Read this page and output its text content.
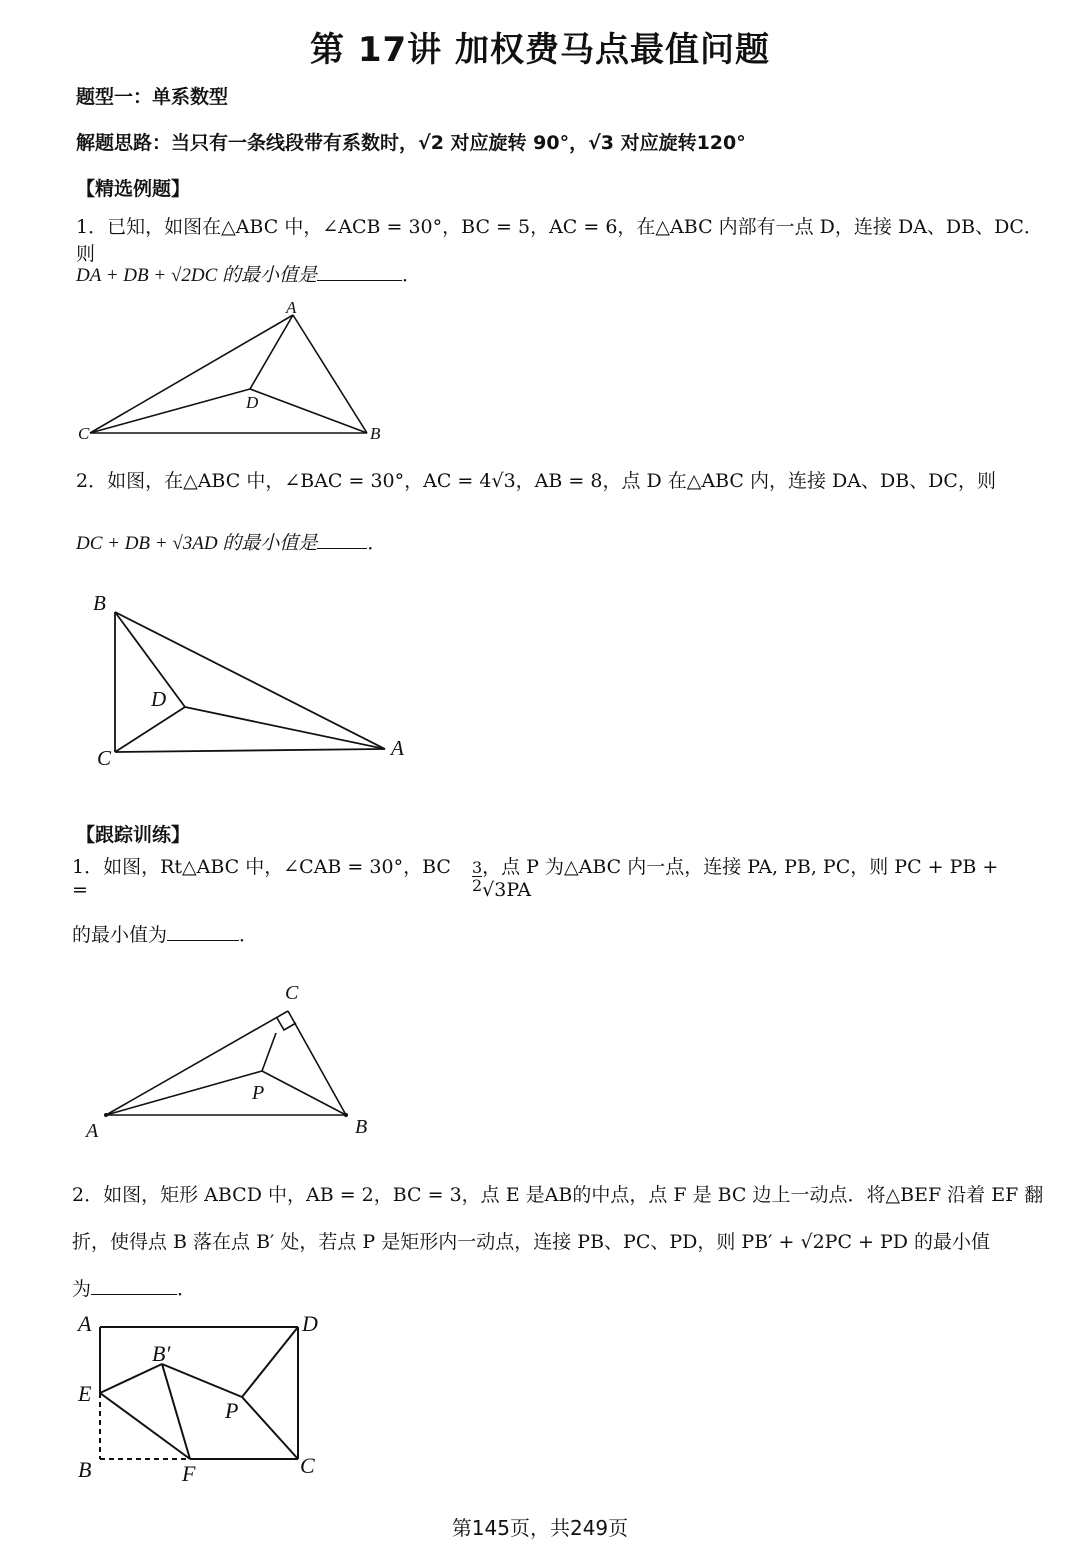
第 17讲 加权费马点最值问题
题型一：单系数型
解题思路：当只有一条线段带有系数时，√2 对应旋转 90°，√3 对应旋转120°
【精选例题】
1．已知，如图在△ABC 中，∠ACB = 30°，BC = 5，AC = 6，在△ABC 内部有一点 D，连接 DA、DB、DC．则
DA + DB + √2DC 的最小值是	．
A
C	B
D
2．如图，在△ABC 中，∠BAC = 30°，AC = 4√3，AB = 8，点 D 在△ABC 内，连接 DA、DB、DC，则
DC + DB + √3AD 的最小值是	．
B
C	A
D
【跟踪训练】
1．如图，Rt△ABC 中，∠CAB = 30°，BC =	$\frac{3}{2}$ ，点 P 为△ABC 内一点，连接 PA, PB, PC，则 PC + PB + √3PA
的最小值为	．
C
A	B
P
2．如图，矩形 ABCD 中，AB = 2，BC = 3，点 E 是AB的中点，点 F 是 BC 边上一动点．将△BEF 沿着 EF 翻
折，使得点 B 落在点 B′ 处，若点 P 是矩形内一动点，连接 PB、PC、PD，则 PB′ + √2PC + PD 的最小值
为	．
A	D
E
B′
P
B	F	C
第145页，共249页
